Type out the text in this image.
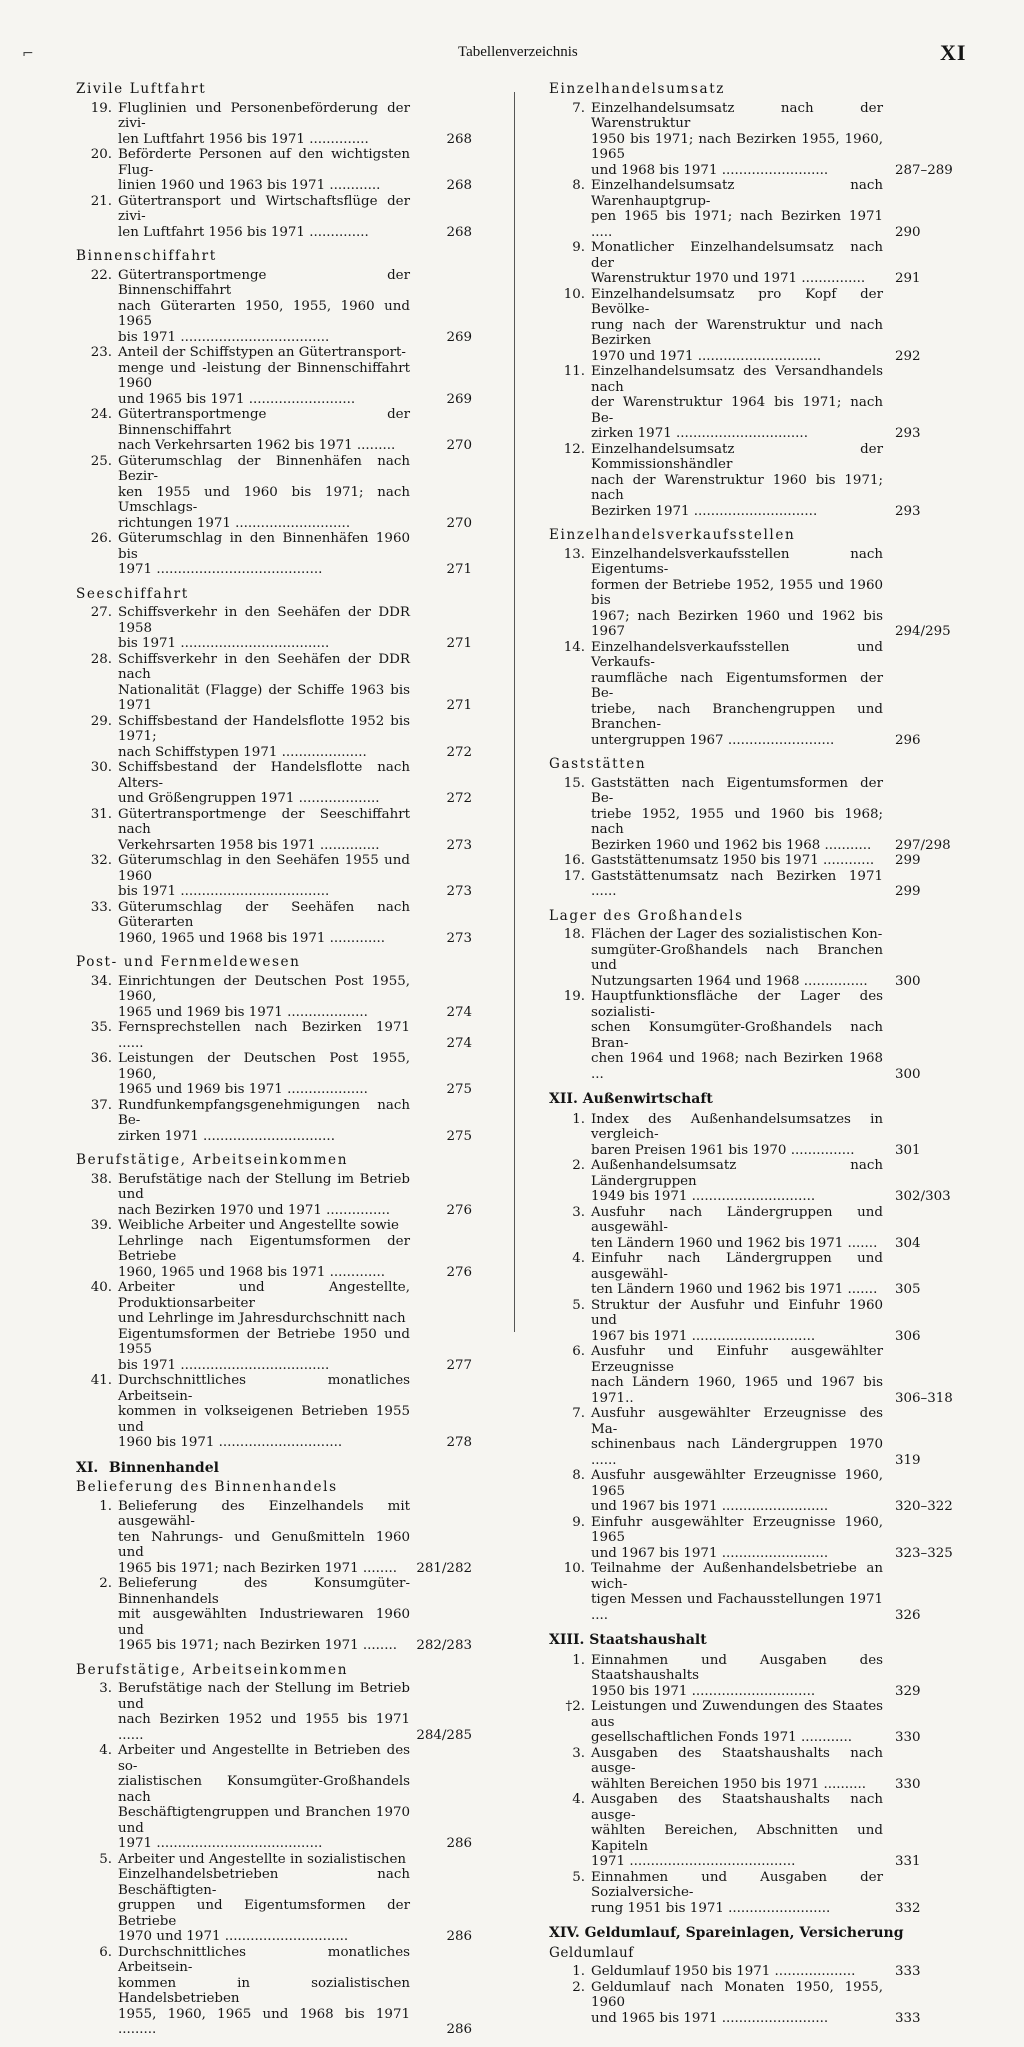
⌐	Tabellenverzeichnis	XI
Zivile Luftfahrt
19. Fluglinien und Personenbeförderung der zivi-
len Luftfahrt 1956 bis 1971 ..............	268
20. Beförderte Personen auf den wichtigsten Flug-
linien 1960 und 1963 bis 1971 ............	268
21. Gütertransport und Wirtschaftsflüge der zivi-
len Luftfahrt 1956 bis 1971 ..............	268
Binnenschiffahrt
22. Gütertransportmenge der Binnenschiffahrt
nach Güterarten 1950, 1955, 1960 und 1965
bis 1971 ...................................	269
23. Anteil der Schiffstypen an Gütertransport-
menge und -leistung der Binnenschiffahrt 1960
und 1965 bis 1971 .........................	269
24. Gütertransportmenge der Binnenschiffahrt
nach Verkehrsarten 1962 bis 1971 .........	270
25. Güterumschlag der Binnenhäfen nach Bezir-
ken 1955 und 1960 bis 1971; nach Umschlags-
richtungen 1971 ...........................	270
26. Güterumschlag in den Binnenhäfen 1960 bis
1971 .......................................	271
Seeschiffahrt
27. Schiffsverkehr in den Seehäfen der DDR 1958
bis 1971 ...................................	271
28. Schiffsverkehr in den Seehäfen der DDR nach
Nationalität (Flagge) der Schiffe 1963 bis 1971	271
29. Schiffsbestand der Handelsflotte 1952 bis 1971;
nach Schiffstypen 1971 ....................	272
30. Schiffsbestand der Handelsflotte nach Alters-
und Größengruppen 1971 ...................	272
31. Gütertransportmenge der Seeschiffahrt nach
Verkehrsarten 1958 bis 1971 ..............	273
32. Güterumschlag in den Seehäfen 1955 und 1960
bis 1971 ...................................	273
33. Güterumschlag der Seehäfen nach Güterarten
1960, 1965 und 1968 bis 1971 .............	273
Post- und Fernmeldewesen
34. Einrichtungen der Deutschen Post 1955, 1960,
1965 und 1969 bis 1971 ...................	274
35. Fernsprechstellen nach Bezirken 1971 ......	274
36. Leistungen der Deutschen Post 1955, 1960,
1965 und 1969 bis 1971 ...................	275
37. Rundfunkempfangsgenehmigungen nach Be-
zirken 1971 ...............................	275
Berufstätige, Arbeitseinkommen
38. Berufstätige nach der Stellung im Betrieb und
nach Bezirken 1970 und 1971 ...............	276
39. Weibliche Arbeiter und Angestellte sowie
Lehrlinge nach Eigentumsformen der Betriebe
1960, 1965 und 1968 bis 1971 .............	276
40. Arbeiter und Angestellte, Produktionsarbeiter
und Lehrlinge im Jahresdurchschnitt nach
Eigentumsformen der Betriebe 1950 und 1955
bis 1971 ...................................	277
41. Durchschnittliches monatliches Arbeitsein-
kommen in volkseigenen Betrieben 1955 und
1960 bis 1971 .............................	278
XI. Binnenhandel
Belieferung des Binnenhandels
1. Belieferung des Einzelhandels mit ausgewähl-
ten Nahrungs- und Genußmitteln 1960 und
1965 bis 1971; nach Bezirken 1971 ........	281/282
2. Belieferung des Konsumgüter-Binnenhandels
mit ausgewählten Industriewaren 1960 und
1965 bis 1971; nach Bezirken 1971 ........	282/283
Berufstätige, Arbeitseinkommen
3. Berufstätige nach der Stellung im Betrieb und
nach Bezirken 1952 und 1955 bis 1971 ......	284/285
4. Arbeiter und Angestellte in Betrieben des so-
zialistischen Konsumgüter-Großhandels nach
Beschäftigtengruppen und Branchen 1970 und
1971 .......................................	286
5. Arbeiter und Angestellte in sozialistischen
Einzelhandelsbetrieben nach Beschäftigten-
gruppen und Eigentumsformen der Betriebe
1970 und 1971 .............................	286
6. Durchschnittliches monatliches Arbeitsein-
kommen in sozialistischen Handelsbetrieben
1955, 1960, 1965 und 1968 bis 1971 .........	286
Einzelhandelsumsatz
7. Einzelhandelsumsatz nach der Warenstruktur
1950 bis 1971; nach Bezirken 1955, 1960, 1965
und 1968 bis 1971 .........................	287–289
8. Einzelhandelsumsatz nach Warenhauptgrup-
pen 1965 bis 1971; nach Bezirken 1971 .....	290
9. Monatlicher Einzelhandelsumsatz nach der
Warenstruktur 1970 und 1971 ...............	291
10. Einzelhandelsumsatz pro Kopf der Bevölke-
rung nach der Warenstruktur und nach Bezirken
1970 und 1971 .............................	292
11. Einzelhandelsumsatz des Versandhandels nach
der Warenstruktur 1964 bis 1971; nach Be-
zirken 1971 ...............................	293
12. Einzelhandelsumsatz der Kommissionshändler
nach der Warenstruktur 1960 bis 1971; nach
Bezirken 1971 .............................	293
Einzelhandelsverkaufsstellen
13. Einzelhandelsverkaufsstellen nach Eigentums-
formen der Betriebe 1952, 1955 und 1960 bis
1967; nach Bezirken 1960 und 1962 bis 1967	294/295
14. Einzelhandelsverkaufsstellen und Verkaufs-
raumfläche nach Eigentumsformen der Be-
triebe, nach Branchengruppen und Branchen-
untergruppen 1967 .........................	296
Gaststätten
15. Gaststätten nach Eigentumsformen der Be-
triebe 1952, 1955 und 1960 bis 1968; nach
Bezirken 1960 und 1962 bis 1968 ...........	297/298
16. Gaststättenumsatz 1950 bis 1971 ............	299
17. Gaststättenumsatz nach Bezirken 1971 ......	299
Lager des Großhandels
18. Flächen der Lager des sozialistischen Kon-
sumgüter-Großhandels nach Branchen und
Nutzungsarten 1964 und 1968 ...............	300
19. Hauptfunktionsfläche der Lager des sozialisti-
schen Konsumgüter-Großhandels nach Bran-
chen 1964 und 1968; nach Bezirken 1968 ...	300
XII. Außenwirtschaft
1. Index des Außenhandelsumsatzes in vergleich-
baren Preisen 1961 bis 1970 ...............	301
2. Außenhandelsumsatz nach Ländergruppen
1949 bis 1971 .............................	302/303
3. Ausfuhr nach Ländergruppen und ausgewähl-
ten Ländern 1960 und 1962 bis 1971 .......	304
4. Einfuhr nach Ländergruppen und ausgewähl-
ten Ländern 1960 und 1962 bis 1971 .......	305
5. Struktur der Ausfuhr und Einfuhr 1960 und
1967 bis 1971 .............................	306
6. Ausfuhr und Einfuhr ausgewählter Erzeugnisse
nach Ländern 1960, 1965 und 1967 bis 1971..	306–318
7. Ausfuhr ausgewählter Erzeugnisse des Ma-
schinenbaus nach Ländergruppen 1970 ......	319
8. Ausfuhr ausgewählter Erzeugnisse 1960, 1965
und 1967 bis 1971 .........................	320–322
9. Einfuhr ausgewählter Erzeugnisse 1960, 1965
und 1967 bis 1971 .........................	323–325
10. Teilnahme der Außenhandelsbetriebe an wich-
tigen Messen und Fachausstellungen 1971 ....	326
XIII. Staatshaushalt
1. Einnahmen und Ausgaben des Staatshaushalts
1950 bis 1971 .............................	329
†2. Leistungen und Zuwendungen des Staates aus
gesellschaftlichen Fonds 1971 ............	330
3. Ausgaben des Staatshaushalts nach ausge-
wählten Bereichen 1950 bis 1971 ..........	330
4. Ausgaben des Staatshaushalts nach ausge-
wählten Bereichen, Abschnitten und Kapiteln
1971 .......................................	331
5. Einnahmen und Ausgaben der Sozialversiche-
rung 1951 bis 1971 ........................	332
XIV. Geldumlauf, Spareinlagen, Versicherung
Geldumlauf
1. Geldumlauf 1950 bis 1971 ...................	333
2. Geldumlauf nach Monaten 1950, 1955, 1960
und 1965 bis 1971 .........................	333
